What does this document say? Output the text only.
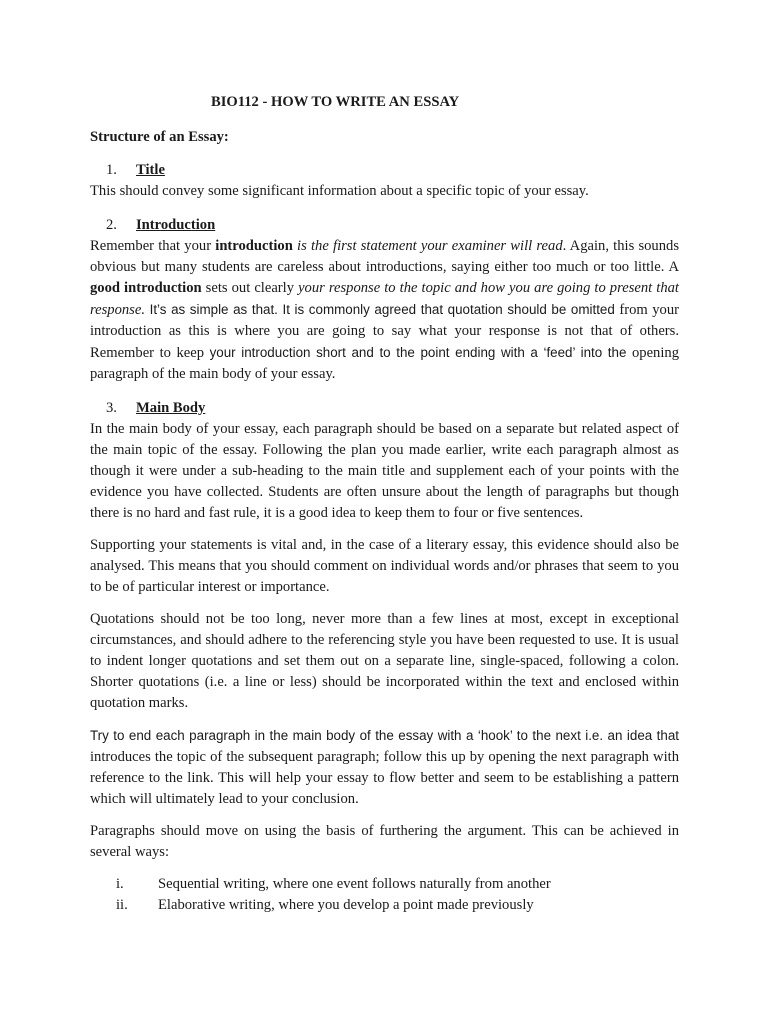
BIO112 - HOW TO WRITE AN ESSAY
Structure of an Essay:
1.	Title

This should convey some significant information about a specific topic of your essay.

2.	Introduction

Remember that your introduction is the first statement your examiner will read. Again, this sounds obvious but many students are careless about introductions, saying either too much or too little. A good introduction sets out clearly your response to the topic and how you are going to present that response. It’s as simple as that. It is commonly agreed that quotation should be omitted from your introduction as this is where you are going to say what your response is not that of others. Remember to keep your introduction short and to the point ending with a ‘feed’ into the opening paragraph of the main body of your essay.

3.	Main Body

In the main body of your essay, each paragraph should be based on a separate but related aspect of the main topic of the essay. Following the plan you made earlier, write each paragraph almost as though it were under a sub-heading to the main title and supplement each of your points with the evidence you have collected. Students are often unsure about the length of paragraphs but though there is no hard and fast rule, it is a good idea to keep them to four or five sentences.

Supporting your statements is vital and, in the case of a literary essay, this evidence should also be analysed. This means that you should comment on individual words and/or phrases that seem to you to be of particular interest or importance.

Quotations should not be too long, never more than a few lines at most, except in exceptional circumstances, and should adhere to the referencing style you have been requested to use. It is usual to indent longer quotations and set them out on a separate line, single-spaced, following a colon. Shorter quotations (i.e. a line or less) should be incorporated within the text and enclosed within quotation marks.

Try to end each paragraph in the main body of the essay with a ‘hook’ to the next i.e. an idea that introduces the topic of the subsequent paragraph; follow this up by opening the next paragraph with reference to the link. This will help your essay to flow better and seem to be establishing a pattern which will ultimately lead to your conclusion.

Paragraphs should move on using the basis of furthering the argument. This can be achieved in several ways:

i.	Sequential writing, where one event follows naturally from another
ii.	Elaborative writing, where you develop a point made previously
